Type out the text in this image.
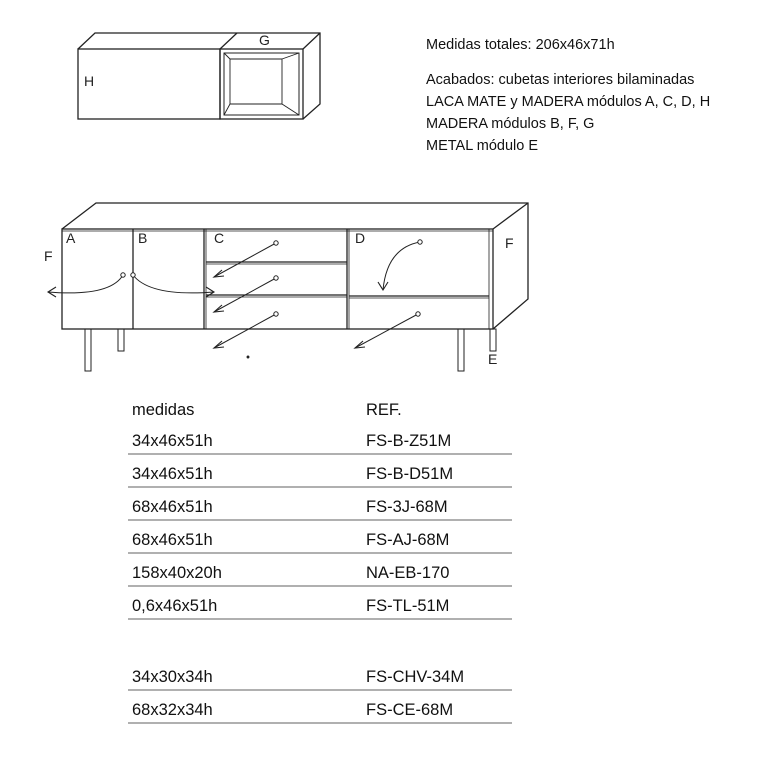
H
G
A	B	C	D
F
F
E
Medidas totales: 206x46x71h
Acabados: cubetas interiores bilaminadas
LACA MATE y MADERA módulos A, C, D, H
MADERA módulos B, F, G
METAL módulo E
medidas	REF.
34x46x51h	FS-B-Z51M
34x46x51h	FS-B-D51M
68x46x51h	FS-3J-68M
68x46x51h	FS-AJ-68M
158x40x20h	NA-EB-170
0,6x46x51h	FS-TL-51M
34x30x34h	FS-CHV-34M
68x32x34h	FS-CE-68M
